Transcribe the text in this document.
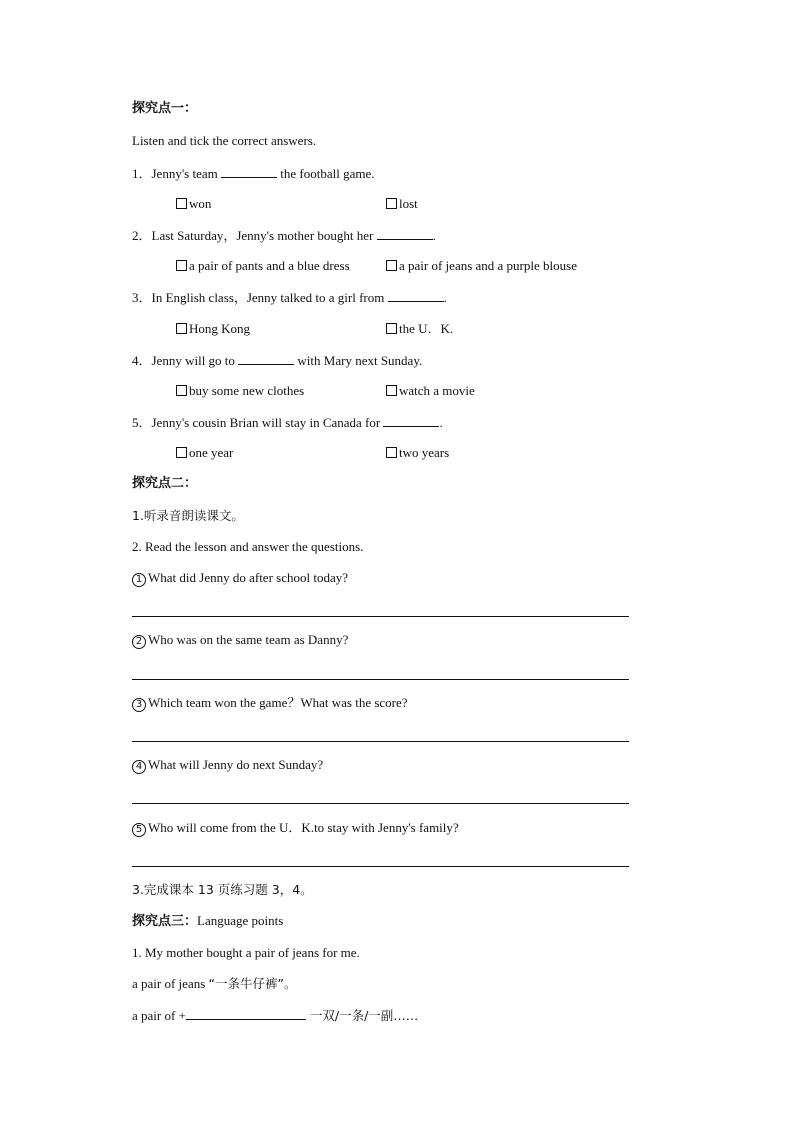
探究点一：
Listen and tick the correct answers.
1．Jenny's team	the football game.
won	lost
2．Last Saturday，Jenny's mother bought her	.
a pair of pants and a blue dress	a pair of jeans and a purple blouse
3．In English class，Jenny talked to a girl from	.
Hong Kong	the U．K.
4．Jenny will go to	with Mary next Sunday.
buy some new clothes	watch a movie
5．Jenny's cousin Brian will stay in Canada for	.
one year	two years
探究点二：
1.听录音朗读课文。
2. Read the lesson and answer the questions.
1 What did Jenny do after school today?
2 Who was on the same team as Danny?
3 Which team won the game？What was the score?
4 What will Jenny do next Sunday?
5 Who will come from the U．K.to stay with Jenny's family?
3.完成课本 13 页练习题 3，4。
探究点三：Language points
1. My mother bought a pair of jeans for me.
a pair of jeans “一条牛仔裤”。
a pair of +	一双/一条/一副……
